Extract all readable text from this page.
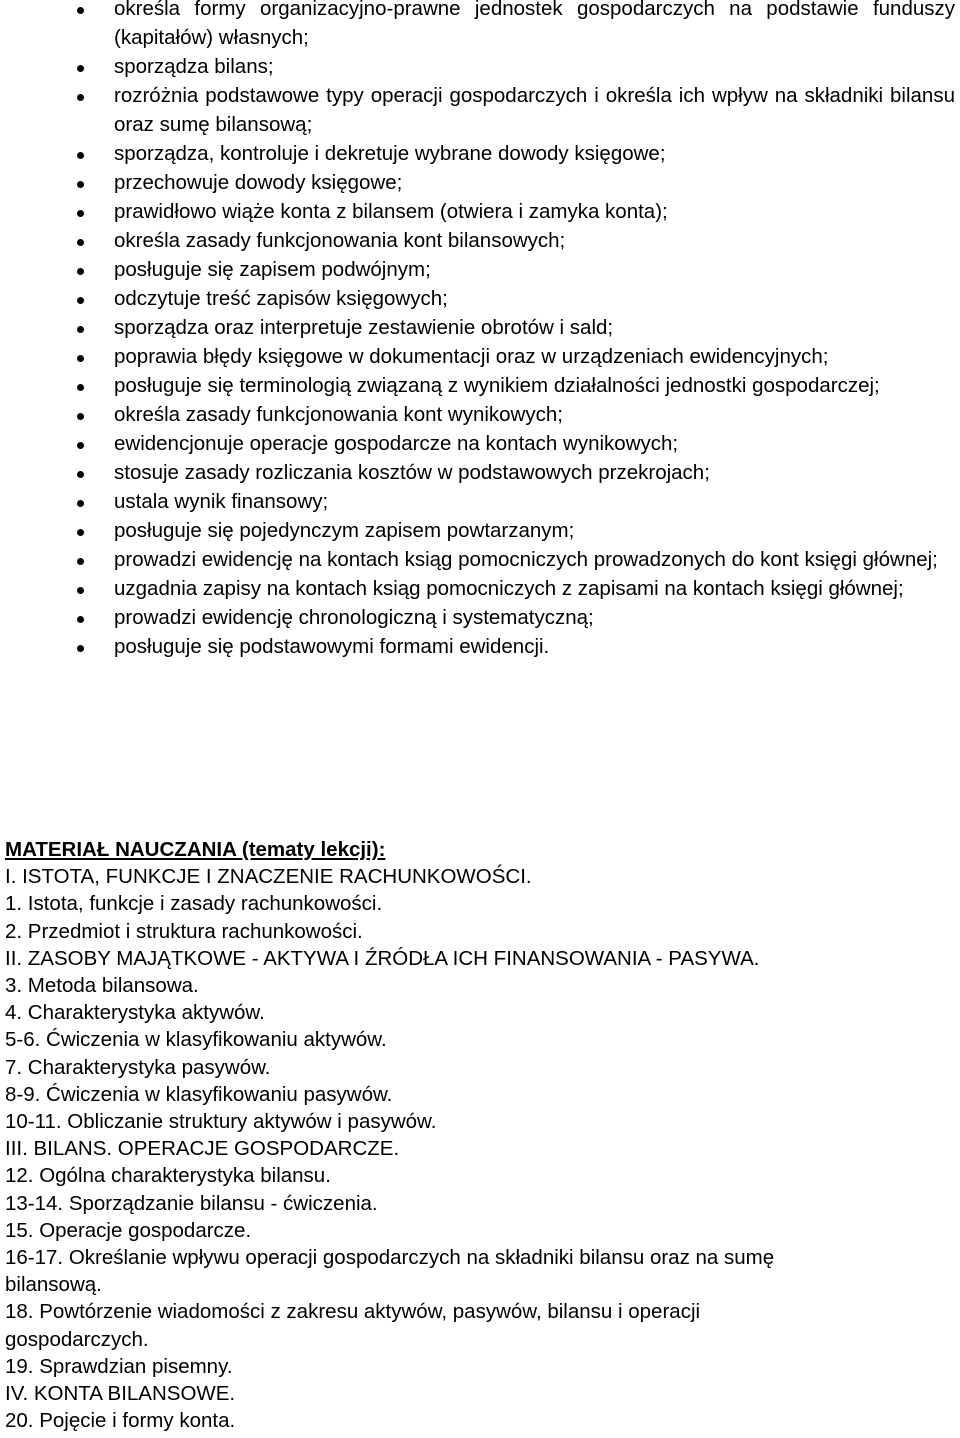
określa formy organizacyjno-prawne jednostek gospodarczych na podstawie funduszy (kapitałów) własnych;
sporządza bilans;
rozróżnia podstawowe typy operacji gospodarczych i określa ich wpływ na składniki bilansu oraz sumę bilansową;
sporządza, kontroluje i dekretuje wybrane dowody księgowe;
przechowuje dowody księgowe;
prawidłowo wiąże konta z bilansem (otwiera i zamyka konta);
określa zasady funkcjonowania kont bilansowych;
posługuje się zapisem podwójnym;
odczytuje treść zapisów księgowych;
sporządza oraz interpretuje zestawienie obrotów i sald;
poprawia błędy księgowe w dokumentacji oraz w urządzeniach ewidencyjnych;
posługuje się terminologią związaną z wynikiem działalności jednostki gospodarczej;
określa zasady funkcjonowania kont wynikowych;
ewidencjonuje operacje gospodarcze na kontach wynikowych;
stosuje zasady rozliczania kosztów w podstawowych przekrojach;
ustala wynik finansowy;
posługuje się pojedynczym zapisem powtarzanym;
prowadzi ewidencję na kontach ksiąg pomocniczych prowadzonych do kont księgi głównej;
uzgadnia zapisy na kontach ksiąg pomocniczych z zapisami na kontach księgi głównej;
prowadzi ewidencję chronologiczną i systematyczną;
posługuje się podstawowymi formami ewidencji.
MATERIAŁ NAUCZANIA (tematy lekcji):
I. ISTOTA, FUNKCJE I ZNACZENIE RACHUNKOWOŚCI.
1. Istota, funkcje i zasady rachunkowości.
2. Przedmiot i struktura rachunkowości.
II. ZASOBY MAJĄTKOWE - AKTYWA I ŹRÓDŁA ICH FINANSOWANIA - PASYWA.
3. Metoda bilansowa.
4. Charakterystyka aktywów.
5-6. Ćwiczenia w klasyfikowaniu aktywów.
7. Charakterystyka pasywów.
8-9. Ćwiczenia w klasyfikowaniu pasywów.
10-11. Obliczanie struktury aktywów i pasywów.
III. BILANS. OPERACJE GOSPODARCZE.
12. Ogólna charakterystyka bilansu.
13-14. Sporządzanie bilansu - ćwiczenia.
15. Operacje gospodarcze.
16-17. Określanie wpływu operacji gospodarczych na składniki bilansu oraz na sumę
bilansową.
18. Powtórzenie wiadomości z zakresu aktywów, pasywów, bilansu i operacji
gospodarczych.
19. Sprawdzian pisemny.
IV. KONTA BILANSOWE.
20. Pojęcie i formy konta.
